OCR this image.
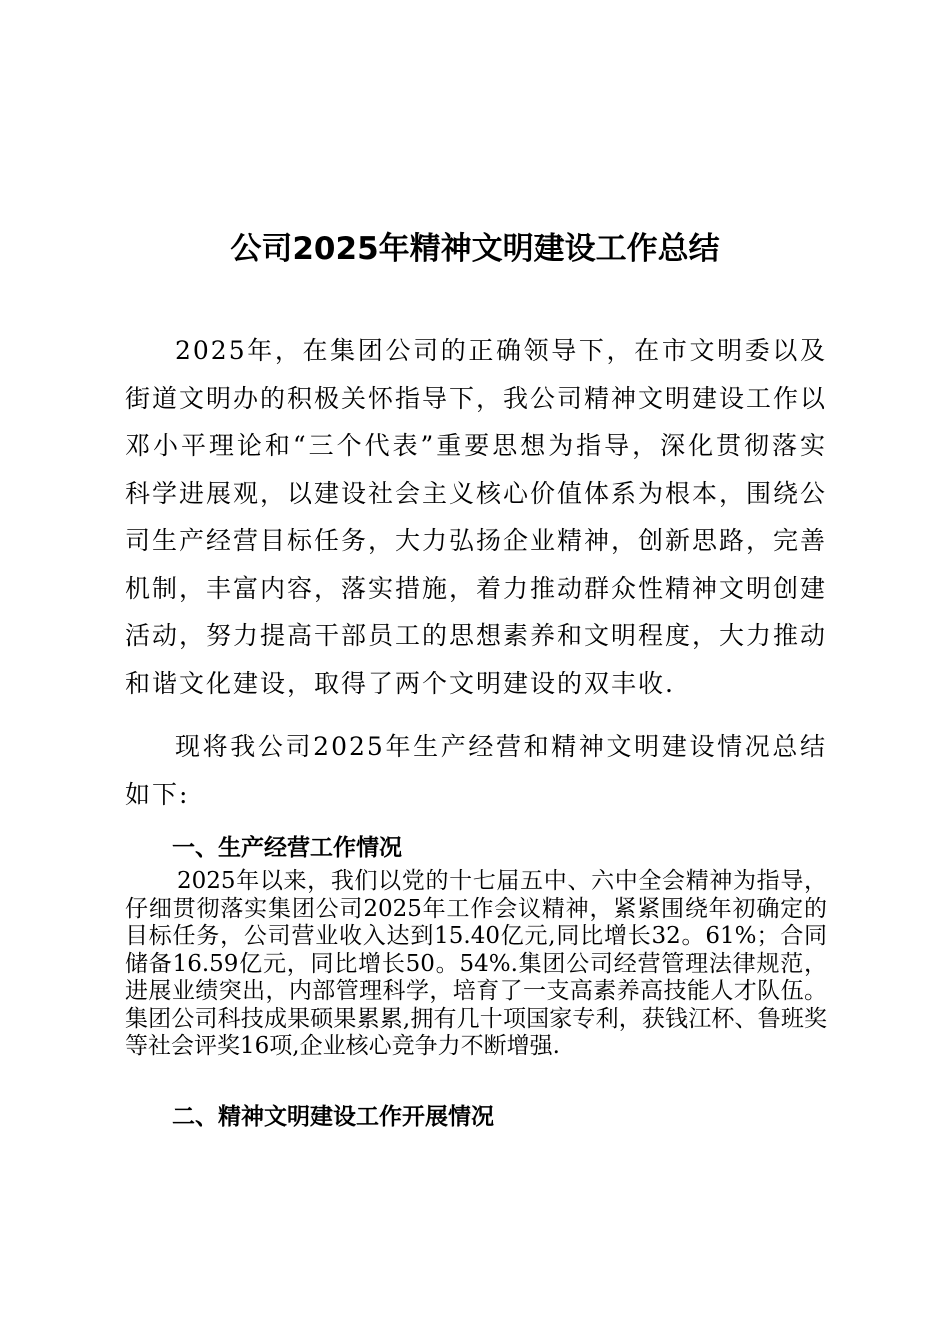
公司2025年精神文明建设工作总结

2025年，在集团公司的正确领导下，在市文明委以及街道文明办的积极关怀指导下，我公司精神文明建设工作以邓小平理论和“三个代表”重要思想为指导，深化贯彻落实科学进展观，以建设社会主义核心价值体系为根本，围绕公司生产经营目标任务，大力弘扬企业精神，创新思路，完善机制，丰富内容，落实措施，着力推动群众性精神文明创建活动，努力提高干部员工的思想素养和文明程度，大力推动和谐文化建设，取得了两个文明建设的双丰收.

现将我公司2025年生产经营和精神文明建设情况总结如下:

一、生产经营工作情况

2025年以来，我们以党的十七届五中、六中全会精神为指导，仔细贯彻落实集团公司2025年工作会议精神，紧紧围绕年初确定的目标任务，公司营业收入达到15.40亿元,同比增长32。61%；合同储备16.59亿元，同比增长50。54%.集团公司经营管理法律规范，进展业绩突出，内部管理科学，培育了一支高素养高技能人才队伍。集团公司科技成果硕果累累,拥有几十项国家专利，获钱江杯、鲁班奖等社会评奖16项,企业核心竞争力不断增强.

二、精神文明建设工作开展情况
